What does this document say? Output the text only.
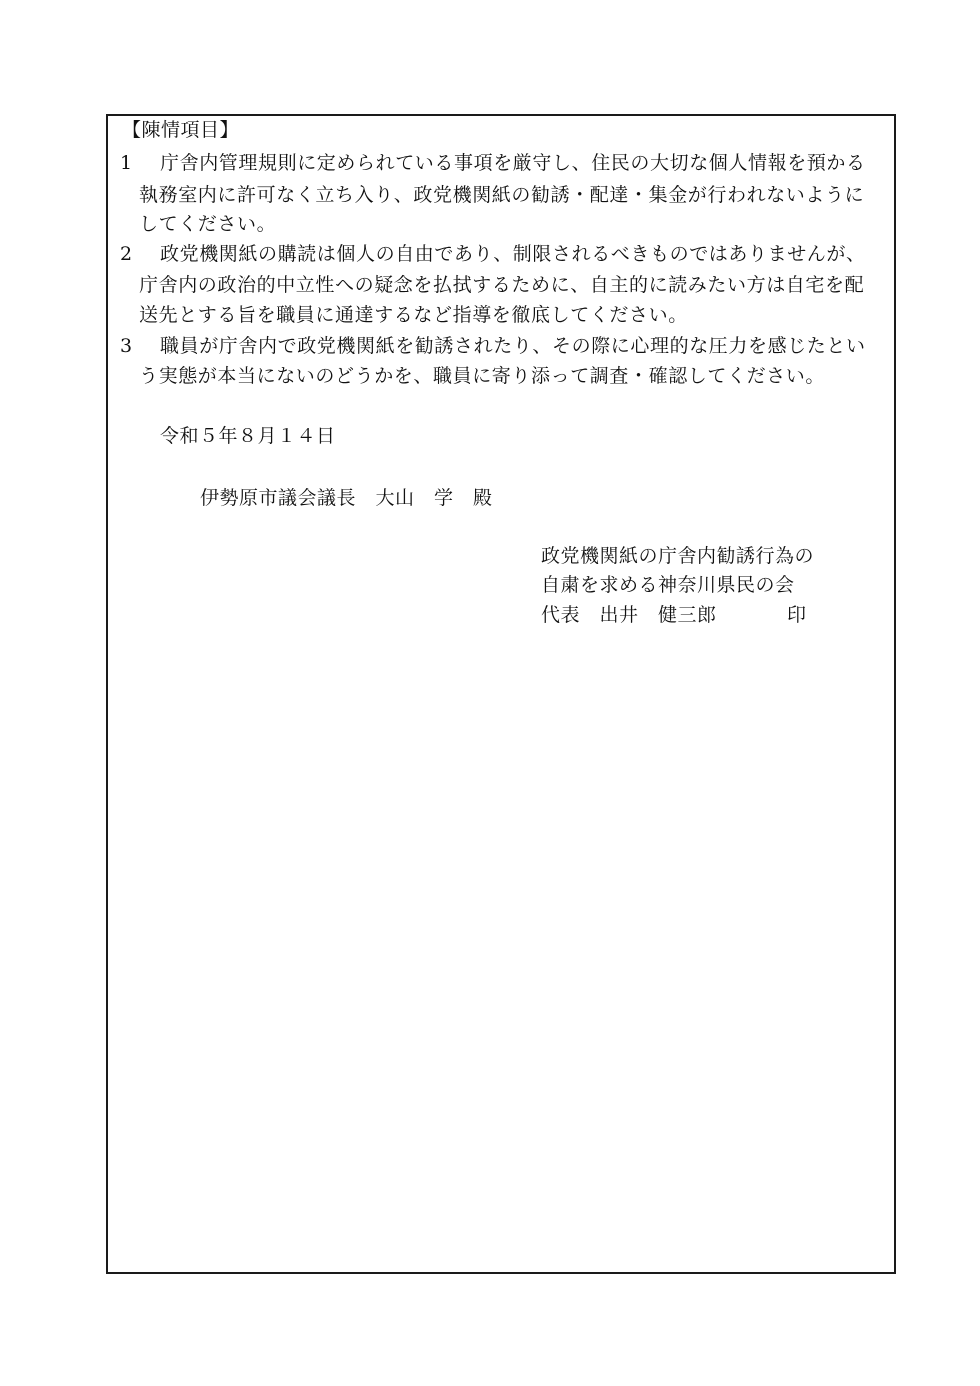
【陳情項目】
1 庁舎内管理規則に定められている事項を厳守し、住民の大切な個人情報を預かる
執務室内に許可なく立ち入り、政党機関紙の勧誘・配達・集金が行われないように
してください。
2 政党機関紙の購読は個人の自由であり、制限されるべきものではありませんが、
庁舎内の政治的中立性への疑念を払拭するために、自主的に読みたい方は自宅を配
送先とする旨を職員に通達するなど指導を徹底してください。
3 職員が庁舎内で政党機関紙を勧誘されたり、その際に心理的な圧力を感じたとい
う実態が本当にないのどうかを、職員に寄り添って調査・確認してください。
令和５年８月１４日
伊勢原市議会議長　大山　学　殿
政党機関紙の庁舎内勧誘行為の
自粛を求める神奈川県民の会
代表　出井　健三郎	印
